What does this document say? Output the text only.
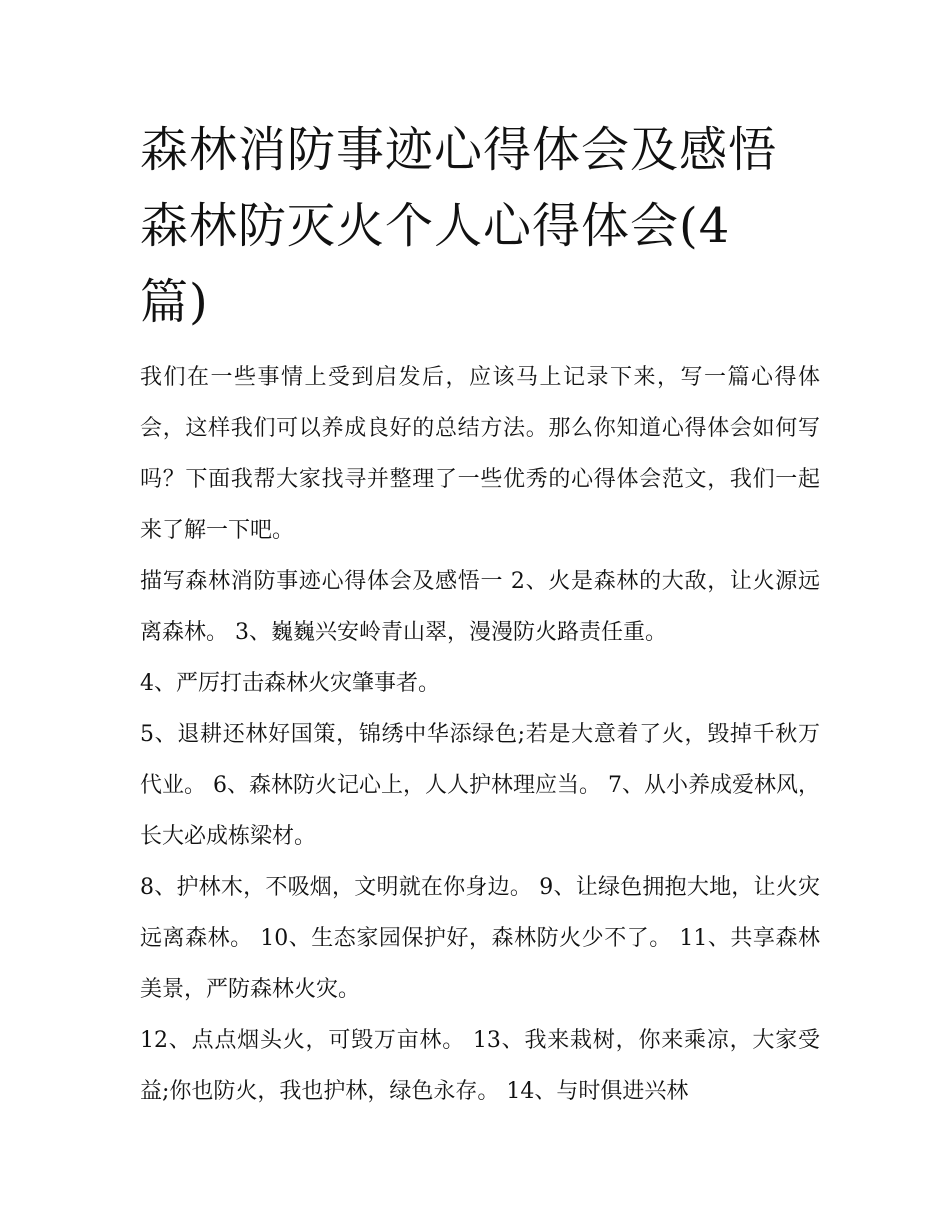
森林消防事迹心得体会及感悟
森林防灭火个人心得体会(4
篇)

我们在一些事情上受到启发后，应该马上记录下来，写一篇心得体会，这样我们可以养成良好的总结方法。那么你知道心得体会如何写吗？下面我帮大家找寻并整理了一些优秀的心得体会范文，我们一起来了解一下吧。

描写森林消防事迹心得体会及感悟一 2、火是森林的大敌，让火源远离森林。 3、巍巍兴安岭青山翠，漫漫防火路责任重。

4、严厉打击森林火灾肇事者。

5、退耕还林好国策，锦绣中华添绿色;若是大意着了火，毁掉千秋万代业。 6、森林防火记心上，人人护林理应当。 7、从小养成爱林风，长大必成栋梁材。

8、护林木，不吸烟，文明就在你身边。 9、让绿色拥抱大地，让火灾远离森林。 10、生态家园保护好，森林防火少不了。 11、共享森林美景，严防森林火灾。

12、点点烟头火，可毁万亩林。 13、我来栽树，你来乘凉，大家受益;你也防火，我也护林，绿色永存。 14、与时俱进兴林
